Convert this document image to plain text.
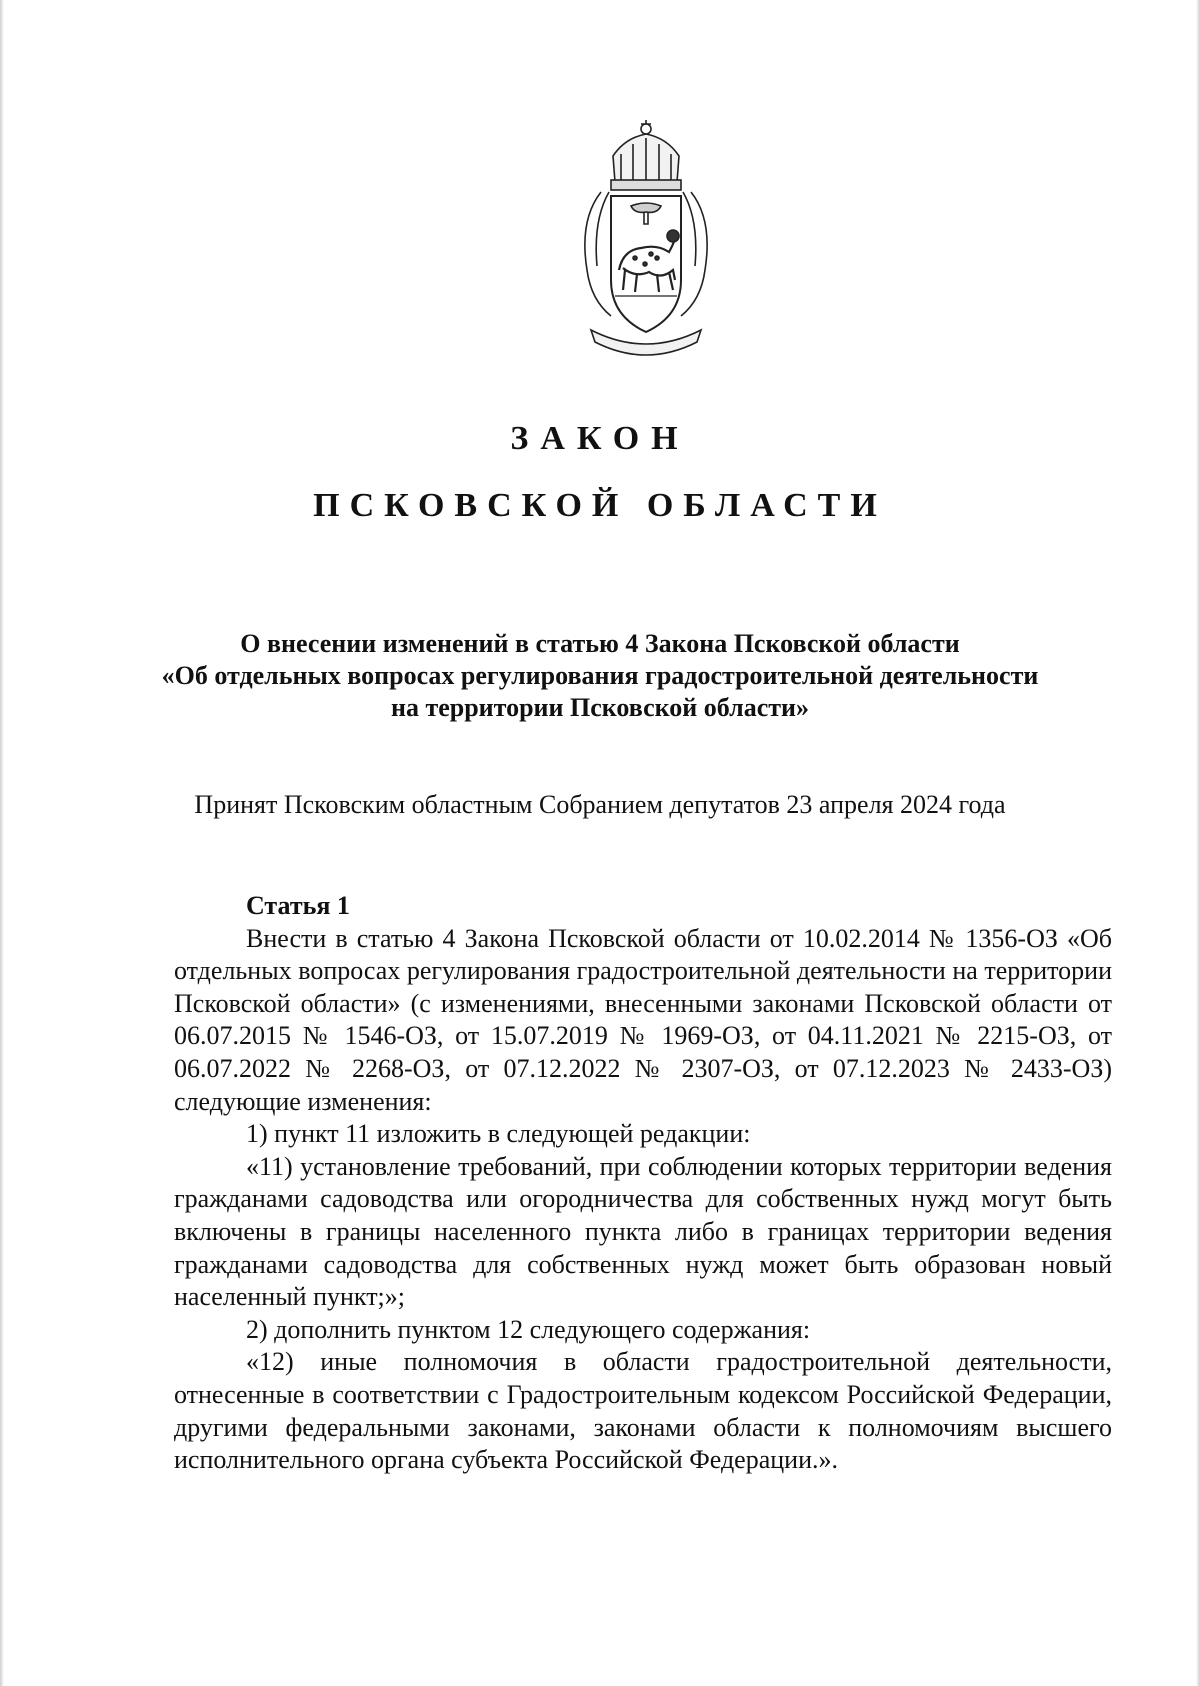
ЗАКОН
ПСКОВСКОЙ ОБЛАСТИ
О внесении изменений в статью 4 Закона Псковской области
«Об отдельных вопросах регулирования градостроительной деятельности
на территории Псковской области»
Принят Псковским областным Собранием депутатов 23 апреля 2024 года
Статья 1

Внести в статью 4 Закона Псковской области от 10.02.2014 № 1356-ОЗ «Об отдельных вопросах регулирования градостроительной деятельности на территории Псковской области» (с изменениями, внесенными законами Псковской области от 06.07.2015 № 1546-ОЗ, от 15.07.2019 № 1969-ОЗ, от 04.11.2021 № 2215-ОЗ, от 06.07.2022 № 2268-ОЗ, от 07.12.2022 № 2307-ОЗ, от 07.12.2023 № 2433-ОЗ) следующие изменения:

1) пункт 11 изложить в следующей редакции:

«11) установление требований, при соблюдении которых территории ведения гражданами садоводства или огородничества для собственных нужд могут быть включены в границы населенного пункта либо в границах территории ведения гражданами садоводства для собственных нужд может быть образован новый населенный пункт;»;

2) дополнить пунктом 12 следующего содержания:

«12) иные полномочия в области градостроительной деятельности, отнесенные в соответствии с Градостроительным кодексом Российской Федерации, другими федеральными законами, законами области к полномочиям высшего исполнительного органа субъекта Российской Федерации.».
